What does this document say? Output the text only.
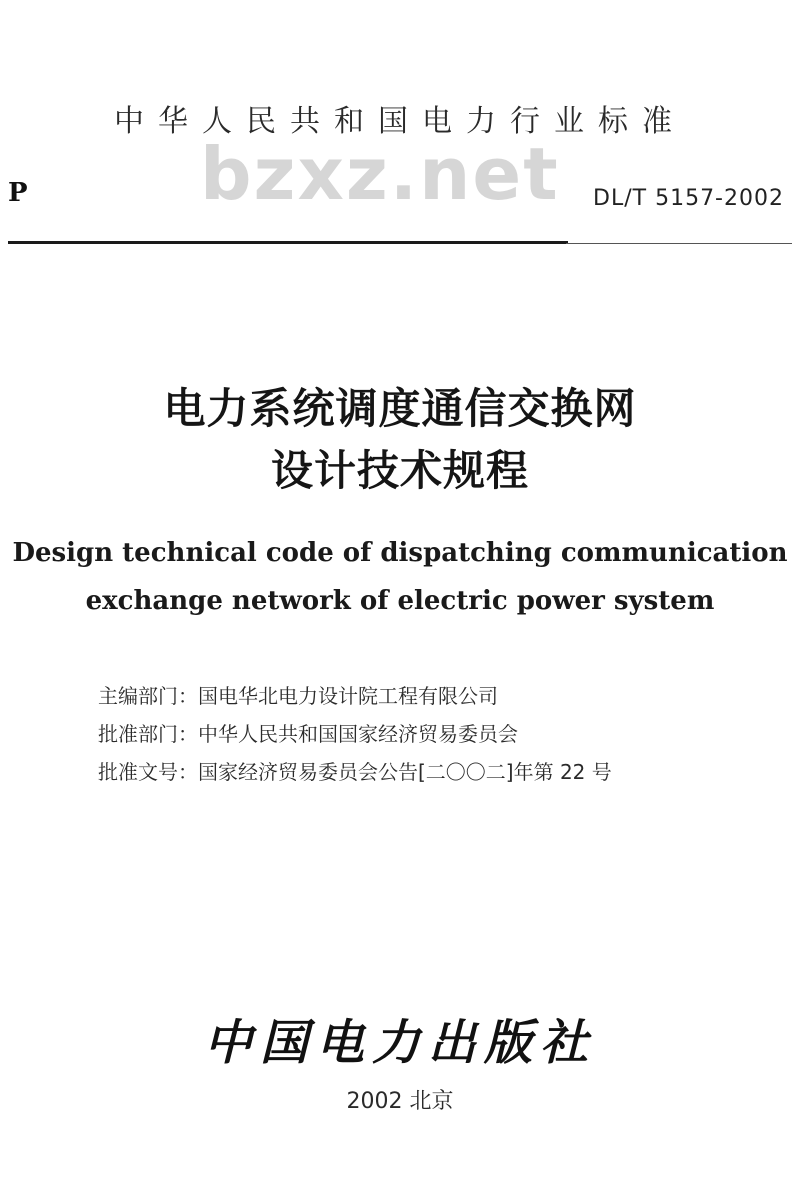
中华人民共和国电力行业标准
bzxz.net
P	DL/T 5157-2002
电力系统调度通信交换网
设计技术规程
Design technical code of dispatching communication
exchange network of electric power system
主编部门：国电华北电力设计院工程有限公司
批准部门：中华人民共和国国家经济贸易委员会
批准文号：国家经济贸易委员会公告[二〇〇二]年第 22 号
中国电力出版社
2002 北京
